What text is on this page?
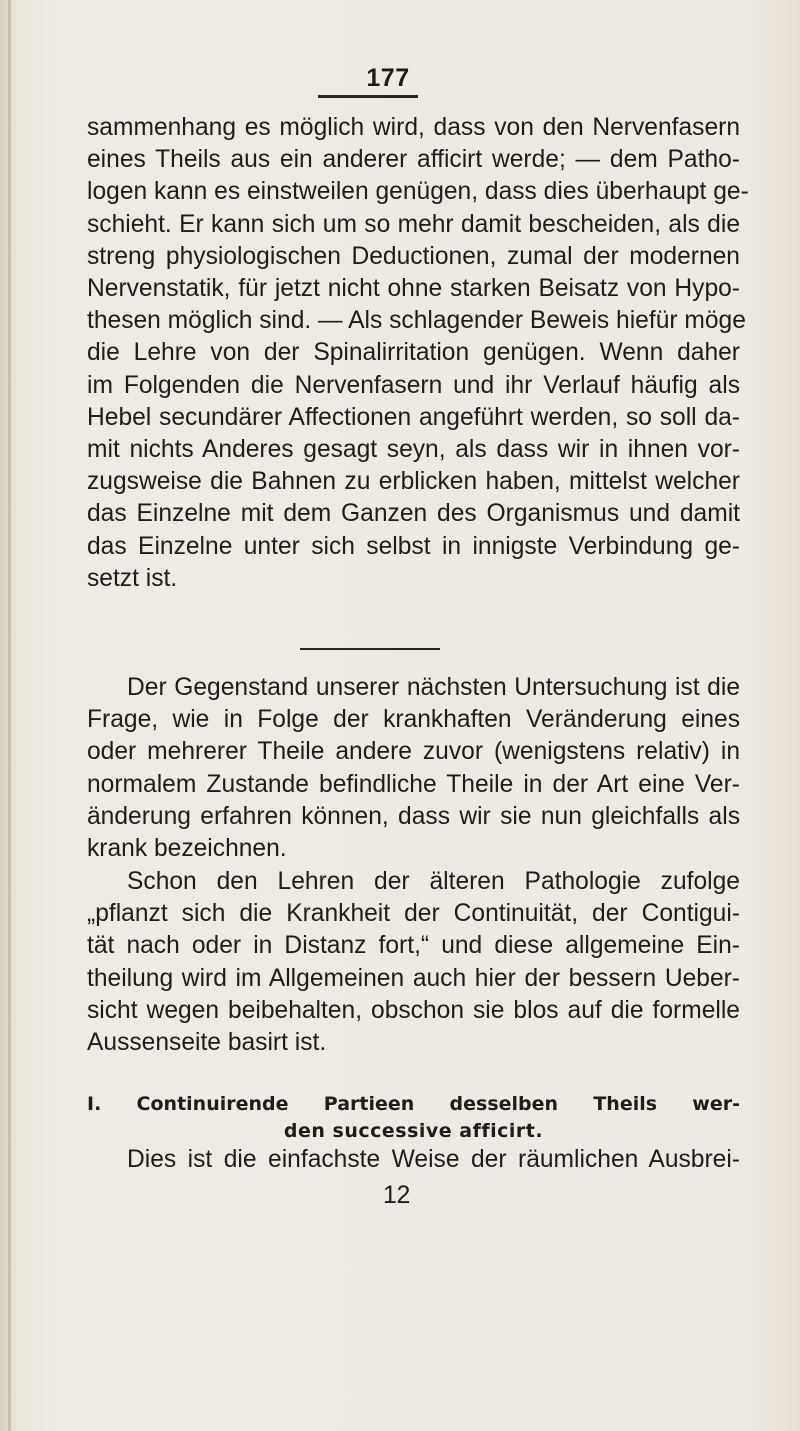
177
sammenhang es möglich wird, dass von den Nervenfasern
eines Theils aus ein anderer afficirt werde; — dem Patho-
logen kann es einstweilen genügen, dass dies überhaupt ge-
schieht. Er kann sich um so mehr damit bescheiden, als die
streng physiologischen Deductionen, zumal der modernen
Nervenstatik, für jetzt nicht ohne starken Beisatz von Hypo-
thesen möglich sind. — Als schlagender Beweis hiefür möge
die Lehre von der Spinalirritation genügen. Wenn daher
im Folgenden die Nervenfasern und ihr Verlauf häufig als
Hebel secundärer Affectionen angeführt werden, so soll da-
mit nichts Anderes gesagt seyn, als dass wir in ihnen vor-
zugsweise die Bahnen zu erblicken haben, mittelst welcher
das Einzelne mit dem Ganzen des Organismus und damit
das Einzelne unter sich selbst in innigste Verbindung ge-
setzt ist.
Der Gegenstand unserer nächsten Untersuchung ist die
Frage, wie in Folge der krankhaften Veränderung eines
oder mehrerer Theile andere zuvor (wenigstens relativ) in
normalem Zustande befindliche Theile in der Art eine Ver-
änderung erfahren können, dass wir sie nun gleichfalls als
krank bezeichnen.
Schon den Lehren der älteren Pathologie zufolge
„pflanzt sich die Krankheit der Continuität, der Contigui-
tät nach oder in Distanz fort,“ und diese allgemeine Ein-
theilung wird im Allgemeinen auch hier der bessern Ueber-
sicht wegen beibehalten, obschon sie blos auf die formelle
Aussenseite basirt ist.
I. Continuirende Partieen desselben Theils wer-
den successive afficirt.
Dies ist die einfachste Weise der räumlichen Ausbrei-
12
